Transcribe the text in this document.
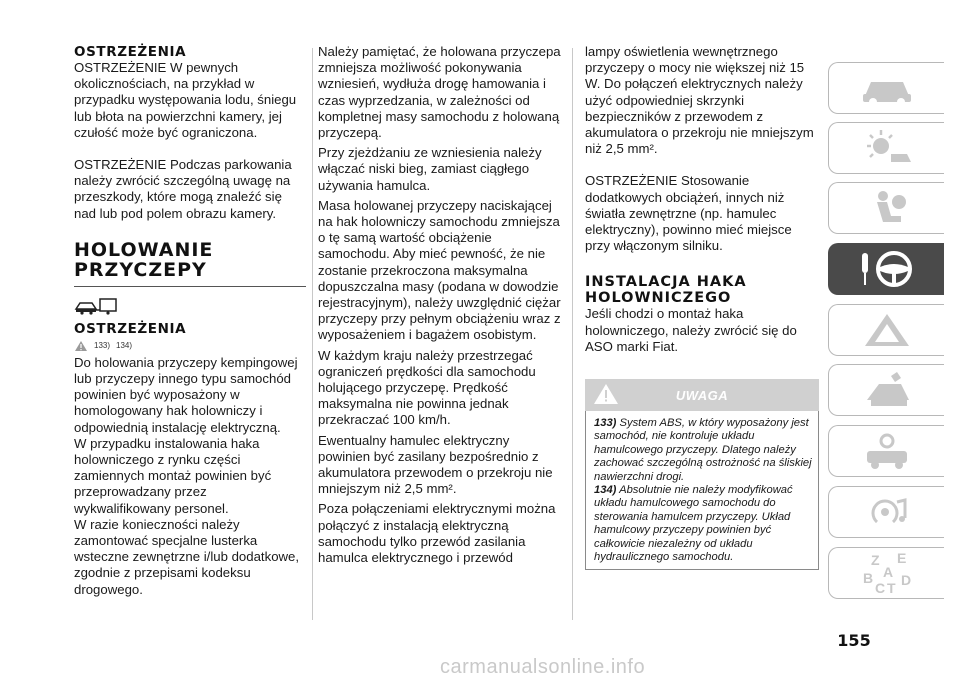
OSTRZEŻENIA

OSTRZEŻENIE W pewnych okolicznościach, na przykład w przypadku występowania lodu, śniegu lub błota na powierzchni kamery, jej czułość może być ograniczona.

OSTRZEŻENIE Podczas parkowania należy zwrócić szczególną uwagę na przeszkody, które mogą znaleźć się nad lub pod polem obrazu kamery.

HOLOWANIE
PRZYCZEPY
OSTRZEŻENIA
133) 134)

Do holowania przyczepy kempingowej lub przyczepy innego typu samochód powinien być wyposażony w homologowany hak holowniczy i odpowiednią instalację elektryczną.

W przypadku instalowania haka holowniczego z rynku części zamiennych montaż powinien być przeprowadzany przez wykwalifikowany personel.

W razie konieczności należy zamontować specjalne lusterka wsteczne zewnętrzne i/lub dodatkowe, zgodnie z przepisami kodeksu drogowego.

Należy pamiętać, że holowana przyczepa zmniejsza możliwość pokonywania wzniesień, wydłuża drogę hamowania i czas wyprzedzania, w zależności od kompletnej masy samochodu z holowaną przyczepą.

Przy zjeżdżaniu ze wzniesienia należy włączać niski bieg, zamiast ciągłego używania hamulca.

Masa holowanej przyczepy naciskającej na hak holowniczy samochodu zmniejsza o tę samą wartość obciążenie samochodu. Aby mieć pewność, że nie zostanie przekroczona maksymalna dopuszczalna masy (podana w dowodzie rejestracyjnym), należy uwzględnić ciężar przyczepy przy pełnym obciążeniu wraz z wyposażeniem i bagażem osobistym.

W każdym kraju należy przestrzegać ograniczeń prędkości dla samochodu holującego przyczepę. Prędkość maksymalna nie powinna jednak przekraczać 100 km/h.

Ewentualny hamulec elektryczny powinien być zasilany bezpośrednio z akumulatora przewodem o przekroju nie mniejszym niż 2,5 mm².

Poza połączeniami elektrycznymi można połączyć z instalacją elektryczną samochodu tylko przewód zasilania hamulca elektrycznego i przewód

lampy oświetlenia wewnętrznego przyczepy o mocy nie większej niż 15 W. Do połączeń elektrycznych należy użyć odpowiedniej skrzynki bezpieczników z przewodem z akumulatora o przekroju nie mniejszym niż 2,5 mm².

OSTRZEŻENIE Stosowanie dodatkowych obciążeń, innych niż światła zewnętrzne (np. hamulec elektryczny), powinno mieć miejsce przy włączonym silniku.

INSTALACJA HAKA
HOLOWNICZEGO

Jeśli chodzi o montaż haka holowniczego, należy zwrócić się do ASO marki Fiat.

UWAGA

133) System ABS, w który wyposażony jest samochód, nie kontroluje układu hamulcowego przyczepy. Dlatego należy zachować szczególną ostrożność na śliskiej nawierzchni drogi.

134) Absolutnie nie należy modyfikować układu hamulcowego samochodu do sterowania hamulcem przyczepy. Układ hamulcowy przyczepy powinien być całkowicie niezależny od układu hydraulicznego samochodu.	Z E
B
C T D
A
155
carmanualsonline.info
